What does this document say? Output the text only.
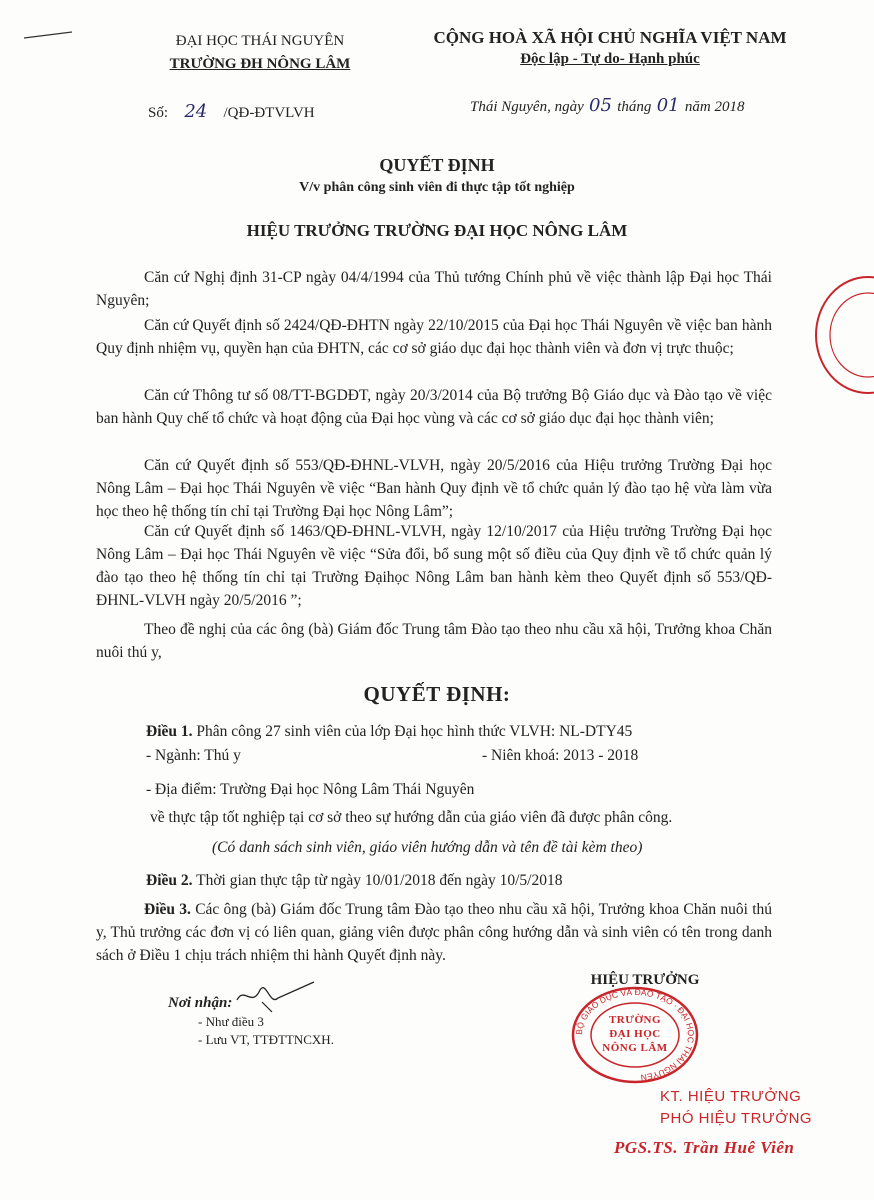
ĐẠI HỌC THÁI NGUYÊN
TRƯỜNG ĐH NÔNG LÂM
CỘNG HOÀ XÃ HỘI CHỦ NGHĨA VIỆT NAM
Độc lập - Tự do- Hạnh phúc
Số: 24 /QĐ-ĐTVLVH	Thái Nguyên, ngày 05 tháng 01 năm 2018
QUYẾT ĐỊNH
V/v phân công sinh viên đi thực tập tốt nghiệp
HIỆU TRƯỞNG TRƯỜNG ĐẠI HỌC NÔNG LÂM
Căn cứ Nghị định 31-CP ngày 04/4/1994 của Thủ tướng Chính phủ về việc thành lập Đại học Thái Nguyên;
Căn cứ Quyết định số 2424/QĐ-ĐHTN ngày 22/10/2015 của Đại học Thái Nguyên về việc ban hành Quy định nhiệm vụ, quyền hạn của ĐHTN, các cơ sở giáo dục đại học thành viên và đơn vị trực thuộc;
Căn cứ Thông tư số 08/TT-BGDĐT, ngày 20/3/2014 của Bộ trưởng Bộ Giáo dục và Đào tạo về việc ban hành Quy chế tổ chức và hoạt động của Đại học vùng và các cơ sở giáo dục đại học thành viên;
Căn cứ Quyết định số 553/QĐ-ĐHNL-VLVH, ngày 20/5/2016 của Hiệu trưởng Trường Đại học Nông Lâm – Đại học Thái Nguyên về việc “Ban hành Quy định về tổ chức quản lý đào tạo hệ vừa làm vừa học theo hệ thống tín chỉ tại Trường Đại học Nông Lâm”;
Căn cứ Quyết định số 1463/QĐ-ĐHNL-VLVH, ngày 12/10/2017 của Hiệu trưởng Trường Đại học Nông Lâm – Đại học Thái Nguyên về việc “Sửa đổi, bổ sung một số điều của Quy định về tổ chức quản lý đào tạo theo hệ thống tín chỉ tại Trường Đạihọc Nông Lâm ban hành kèm theo Quyết định số 553/QĐ-ĐHNL-VLVH ngày 20/5/2016 ”;
Theo đề nghị của các ông (bà) Giám đốc Trung tâm Đào tạo theo nhu cầu xã hội, Trưởng khoa Chăn nuôi thú y,
QUYẾT ĐỊNH:
Điều 1. Phân công 27 sinh viên của lớp Đại học hình thức VLVH: NL-DTY45
- Ngành: Thú y	- Niên khoá: 2013 - 2018
- Địa điểm: Trường Đại học Nông Lâm Thái Nguyên
về thực tập tốt nghiệp tại cơ sở theo sự hướng dẫn của giáo viên đã được phân công.
(Có danh sách sinh viên, giáo viên hướng dẫn và tên đề tài kèm theo)
Điều 2. Thời gian thực tập từ ngày 10/01/2018 đến ngày 10/5/2018
Điều 3. Các ông (bà) Giám đốc Trung tâm Đào tạo theo nhu cầu xã hội, Trưởng khoa Chăn nuôi thú y, Thủ trưởng các đơn vị có liên quan, giảng viên được phân công hướng dẫn và sinh viên có tên trong danh sách ở Điều 1 chịu trách nhiệm thi hành Quyết định này.
HIỆU TRƯỞNG
Nơi nhận:
- Như điều 3
- Lưu VT, TTĐTTNCXH.
BỘ GIÁO DỤC VÀ ĐÀO TẠO · ĐẠI HỌC THÁI NGUYÊN
TRƯỜNG
ĐẠI HỌC
NÔNG LÂM
KT. HIỆU TRƯỞNG
PHÓ HIỆU TRƯỞNG
PGS.TS. Trần Huê Viên
